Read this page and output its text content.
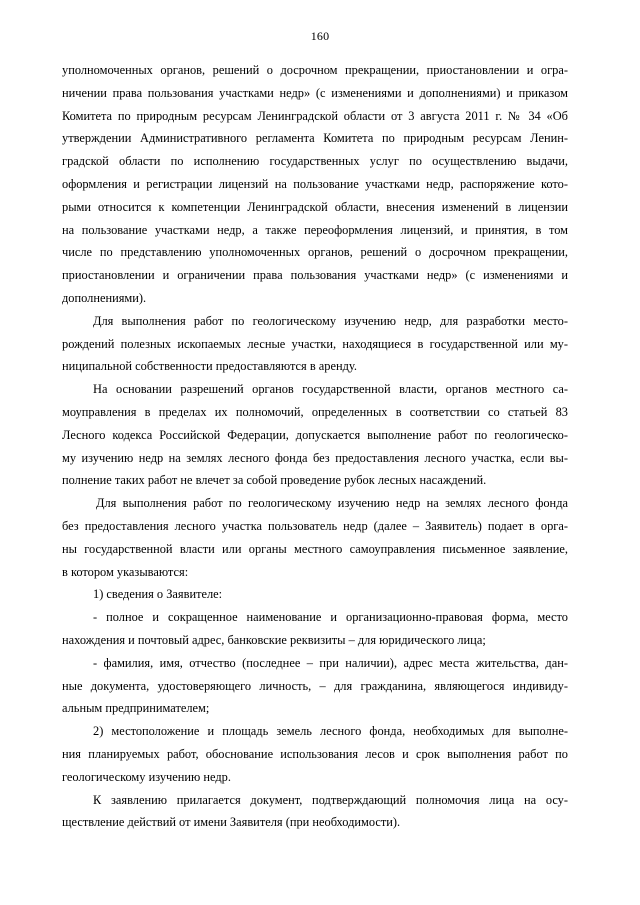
160
уполномоченных органов, решений о досрочном прекращении, приостановлении и огра-
ничении права пользования участками недр» (с изменениями и дополнениями) и приказом
Комитета по природным ресурсам Ленинградской области от 3 августа 2011 г. № 34 «Об
утверждении Административного регламента Комитета по природным ресурсам Ленин-
градской области по исполнению государственных услуг по осуществлению выдачи,
оформления и регистрации лицензий на пользование участками недр, распоряжение кото-
рыми относится к компетенции Ленинградской области, внесения изменений в лицензии
на пользование участками недр, а также переоформления лицензий, и принятия, в том
числе по представлению уполномоченных органов, решений о досрочном прекращении,
приостановлении и ограничении права пользования участками недр» (с изменениями и
дополнениями).
Для выполнения работ по геологическому изучению недр, для разработки место-
рождений полезных ископаемых лесные участки, находящиеся в государственной или му-
ниципальной собственности предоставляются в аренду.
На основании разрешений органов государственной власти, органов местного са-
моуправления в пределах их полномочий, определенных в соответствии со статьей 83
Лесного кодекса Российской Федерации, допускается выполнение работ по геологическо-
му изучению недр на землях лесного фонда без предоставления лесного участка, если вы-
полнение таких работ не влечет за собой проведение рубок лесных насаждений.
Для выполнения работ по геологическому изучению недр на землях лесного фонда
без предоставления лесного участка пользователь недр (далее – Заявитель) подает в орга-
ны государственной власти или органы местного самоуправления письменное заявление,
в котором указываются:
1) сведения о Заявителе:
- полное и сокращенное наименование и организационно-правовая форма, место
нахождения и почтовый адрес, банковские реквизиты – для юридического лица;
- фамилия, имя, отчество (последнее – при наличии), адрес места жительства, дан-
ные документа, удостоверяющего личность, – для гражданина, являющегося индивиду-
альным предпринимателем;
2) местоположение и площадь земель лесного фонда, необходимых для выполне-
ния планируемых работ, обоснование использования лесов и срок выполнения работ по
геологическому изучению недр.
К заявлению прилагается документ, подтверждающий полномочия лица на осу-
ществление действий от имени Заявителя (при необходимости).
